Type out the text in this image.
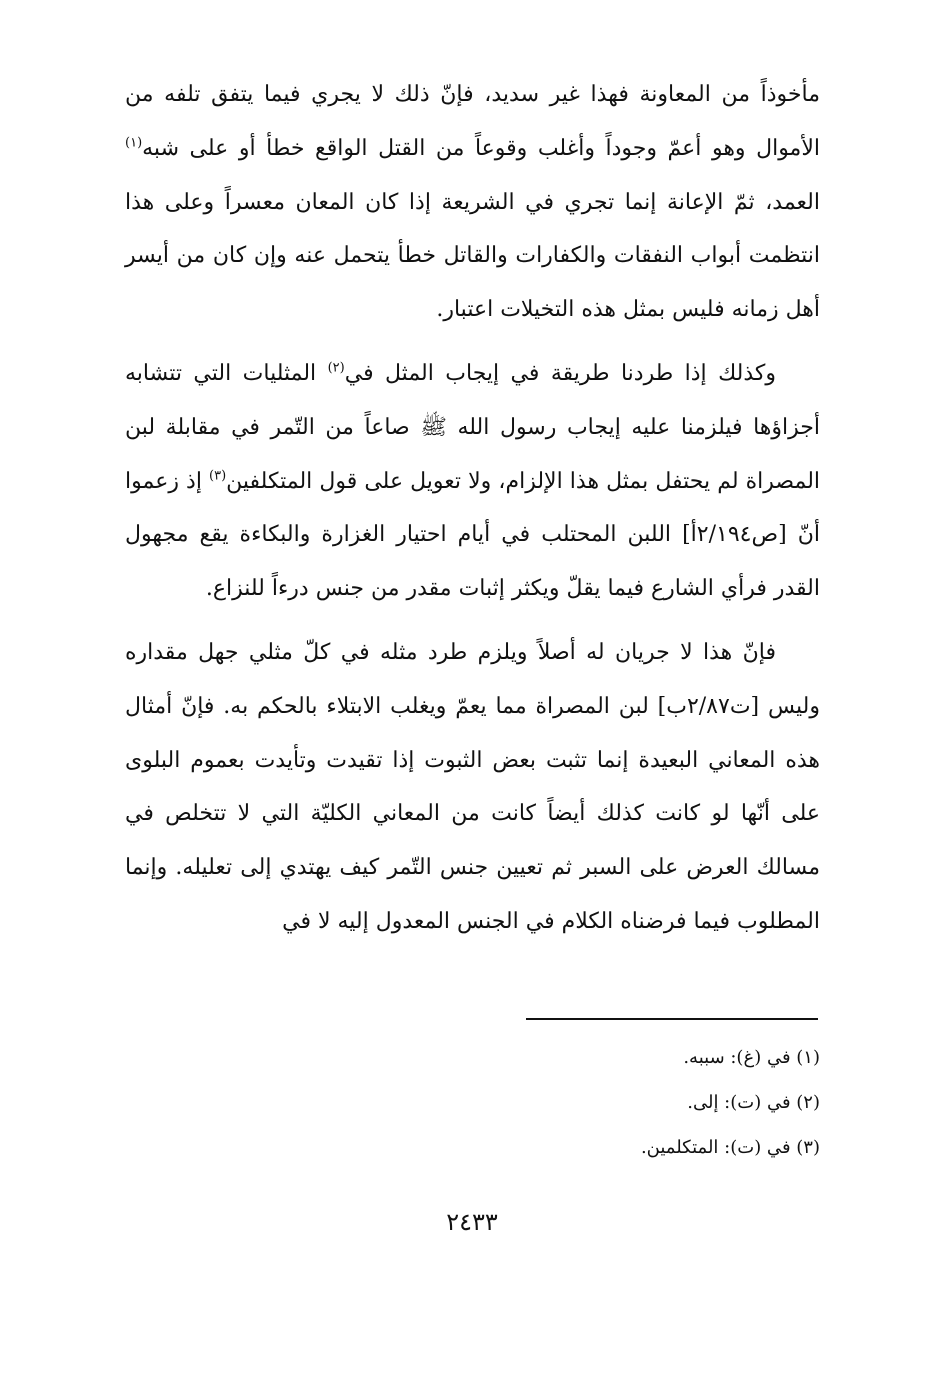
مأخوذاً من المعاونة فهذا غير سديد، فإنّ ذلك لا يجري فيما يتفق تلفه من الأموال وهو أعمّ وجوداً وأغلب وقوعاً من القتل الواقع خطأ أو على شبه$^{(١)}$ العمد، ثمّ الإعانة إنما تجري في الشريعة إذا كان المعان معسراً وعلى هذا انتظمت أبواب النفقات والكفارات والقاتل خطأ يتحمل عنه وإن كان من أيسر أهل زمانه فليس بمثل هذه التخيلات اعتبار.

وكذلك إذا طردنا طريقة في إيجاب المثل في$^{(٢)}$ المثليات التي تتشابه أجزاؤها فيلزمنا عليه إيجاب رسول الله ﷺ صاعاً من التّمر في مقابلة لبن المصراة لم يحتفل بمثل هذا الإلزام، ولا تعويل على قول المتكلفين$^{(٣)}$ إذ زعموا أنّ [ص٢/١٩٤أ] اللبن المحتلب في أيام احتيار الغزارة والبكاءة يقع مجهول القدر فرأي الشارع فيما يقلّ ويكثر إثبات مقدر من جنس درءاً للنزاع.

فإنّ هذا لا جريان له أصلاً ويلزم طرد مثله في كلّ مثلي جهل مقداره وليس [ت٢/٨٧ب] لبن المصراة مما يعمّ ويغلب الابتلاء بالحكم به. فإنّ أمثال هذه المعاني البعيدة إنما تثبت بعض الثبوت إذا تقيدت وتأيدت بعموم البلوى على أنّها لو كانت كذلك أيضاً كانت من المعاني الكليّة التي لا تتخلص في مسالك العرض على السبر ثم تعيين جنس التّمر كيف يهتدي إلى تعليله. وإنما المطلوب فيما فرضناه الكلام في الجنس المعدول إليه لا في

(١) في (غ): سببه.
(٢) في (ت): إلى.
(٣) في (ت): المتكلمين.
٢٤٣٣
